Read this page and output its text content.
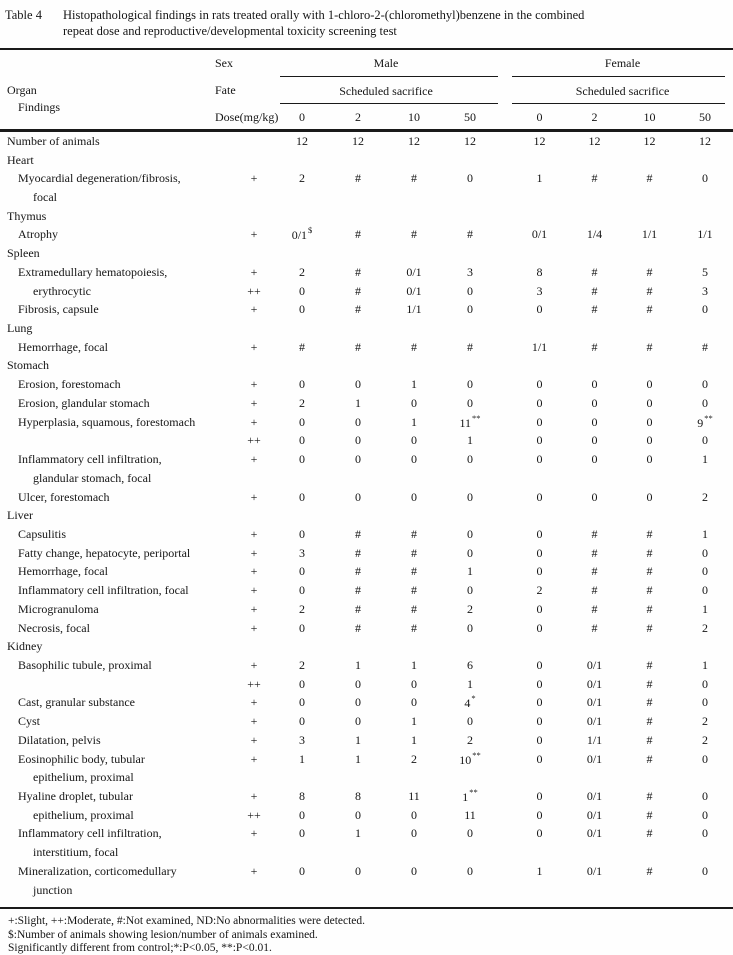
Table 4	Histopathological findings in rats treated orally with 1-chloro-2-(chloromethyl)benzene in the combined
repeat dose and reproductive/developmental toxicity screening test
Organ
Findings
Sex
Fate
Dose(mg/kg)
Male	Female
Scheduled sacrifice	Scheduled sacrifice
0	2	10	50	0	2	10	50
Number of animals		12	12	12	12		12	12	12	12
Heart										
Myocardial degeneration/fibrosis,	+	2	#	#	0		1	#	#	0
focal										
Thymus										
Atrophy	+	0/1$	#	#	#		0/1	1/4	1/1	1/1
Spleen										
Extramedullary hematopoiesis,	+	2	#	0/1	3		8	#	#	5
erythrocytic	++	0	#	0/1	0		3	#	#	3
Fibrosis, capsule	+	0	#	1/1	0		0	#	#	0
Lung										
Hemorrhage, focal	+	#	#	#	#		1/1	#	#	#
Stomach										
Erosion, forestomach	+	0	0	1	0		0	0	0	0
Erosion, glandular stomach	+	2	1	0	0		0	0	0	0
Hyperplasia, squamous, forestomach	+	0	0	1	11**		0	0	0	9**
	++	0	0	0	1		0	0	0	0
Inflammatory cell infiltration,	+	0	0	0	0		0	0	0	1
glandular stomach, focal										
Ulcer, forestomach	+	0	0	0	0		0	0	0	2
Liver										
Capsulitis	+	0	#	#	0		0	#	#	1
Fatty change, hepatocyte, periportal	+	3	#	#	0		0	#	#	0
Hemorrhage, focal	+	0	#	#	1		0	#	#	0
Inflammatory cell infiltration, focal	+	0	#	#	0		2	#	#	0
Microgranuloma	+	2	#	#	2		0	#	#	1
Necrosis, focal	+	0	#	#	0		0	#	#	2
Kidney										
Basophilic tubule, proximal	+	2	1	1	6		0	0/1	#	1
	++	0	0	0	1		0	0/1	#	0
Cast, granular substance	+	0	0	0	4*		0	0/1	#	0
Cyst	+	0	0	1	0		0	0/1	#	2
Dilatation, pelvis	+	3	1	1	2		0	1/1	#	2
Eosinophilic body, tubular	+	1	1	2	10**		0	0/1	#	0
epithelium, proximal										
Hyaline droplet, tubular	+	8	8	11	1**		0	0/1	#	0
epithelium, proximal	++	0	0	0	11		0	0/1	#	0
Inflammatory cell infiltration,	+	0	1	0	0		0	0/1	#	0
interstitium, focal										
Mineralization, corticomedullary	+	0	0	0	0		1	0/1	#	0
junction										
+:Slight, ++:Moderate, #:Not examined, ND:No abnormalities were detected.
$:Number of animals showing lesion/number of animals examined.
Significantly different from control;*:P<0.05, **:P<0.01.
